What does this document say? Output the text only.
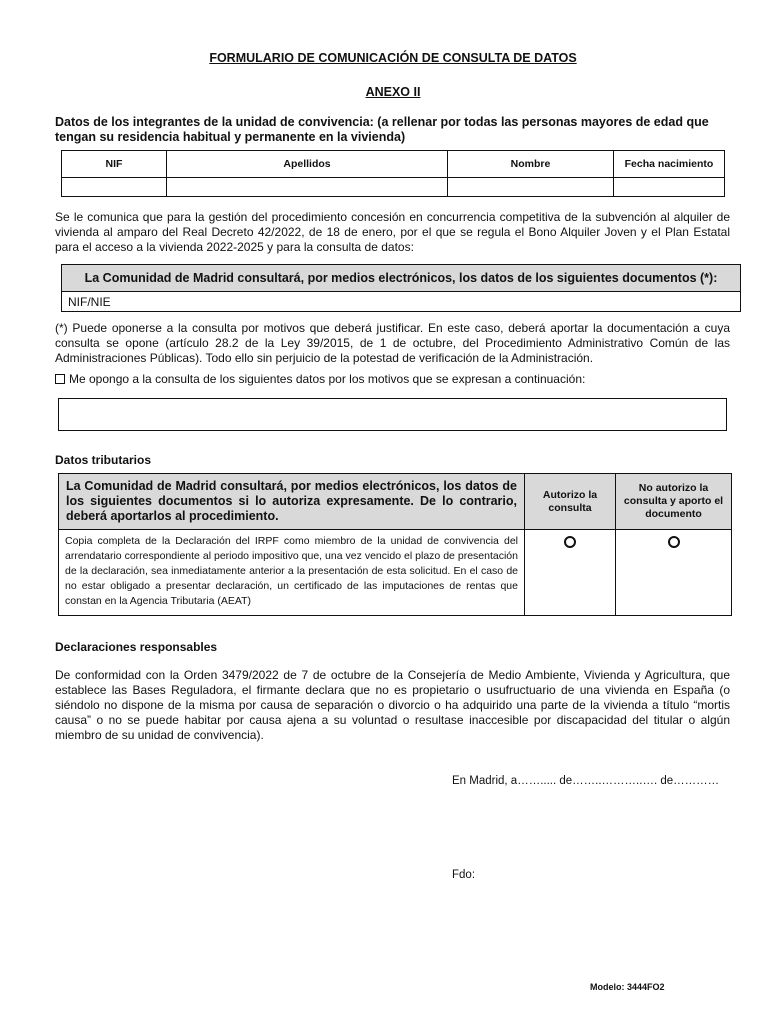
FORMULARIO DE COMUNICACIÓN DE CONSULTA DE DATOS
ANEXO II
Datos de los integrantes de la unidad de convivencia: (a rellenar por todas las personas mayores de edad que tengan su residencia habitual y permanente en la vivienda)
NIF	Apellidos	Nombre	Fecha nacimiento

Se le comunica que para la gestión del procedimiento concesión en concurrencia competitiva de la subvención al alquiler de vivienda al amparo del Real Decreto 42/2022, de 18 de enero, por el que se regula el Bono Alquiler Joven y el Plan Estatal para el acceso a la vivienda 2022-2025 y para la consulta de datos:
La Comunidad de Madrid consultará, por medios electrónicos, los datos de los siguientes documentos (*):
NIF/NIE
(*) Puede oponerse a la consulta por motivos que deberá justificar. En este caso, deberá aportar la documentación a cuya consulta se opone (artículo 28.2 de la Ley 39/2015, de 1 de octubre, del Procedimiento Administrativo Común de las Administraciones Públicas). Todo ello sin perjuicio de la potestad de verificación de la Administración.
Me opongo a la consulta de los siguientes datos por los motivos que se expresan a continuación:
Datos tributarios
La Comunidad de Madrid consultará, por medios electrónicos, los datos de los siguientes documentos si lo autoriza expresamente. De lo contrario, deberá aportarlos al procedimiento.	Autorizo la consulta	No autorizo la consulta y aporto el documento
Copia completa de la Declaración del IRPF como miembro de la unidad de convivencia del arrendatario correspondiente al periodo impositivo que, una vez vencido el plazo de presentación de la declaración, sea inmediatamente anterior a la presentación de esta solicitud. En el caso de no estar obligado a presentar declaración, un certificado de las imputaciones de rentas que constan en la Agencia Tributaria (AEAT)		
Declaraciones responsables
De conformidad con la Orden 3479/2022 de 7 de octubre de la Consejería de Medio Ambiente, Vivienda y Agricultura, que establece las Bases Reguladora, el firmante declara que no es propietario o usufructuario de una vivienda en España (o siéndolo no dispone de la misma por causa de separación o divorcio o ha adquirido una parte de la vivienda a título “mortis causa” o no se puede habitar por causa ajena a su voluntad o resultase inaccesible por discapacidad del titular o algún miembro de su unidad de convivencia).
En Madrid, a……..... de……..………..…. de…………
Fdo:
Modelo: 3444FO2
